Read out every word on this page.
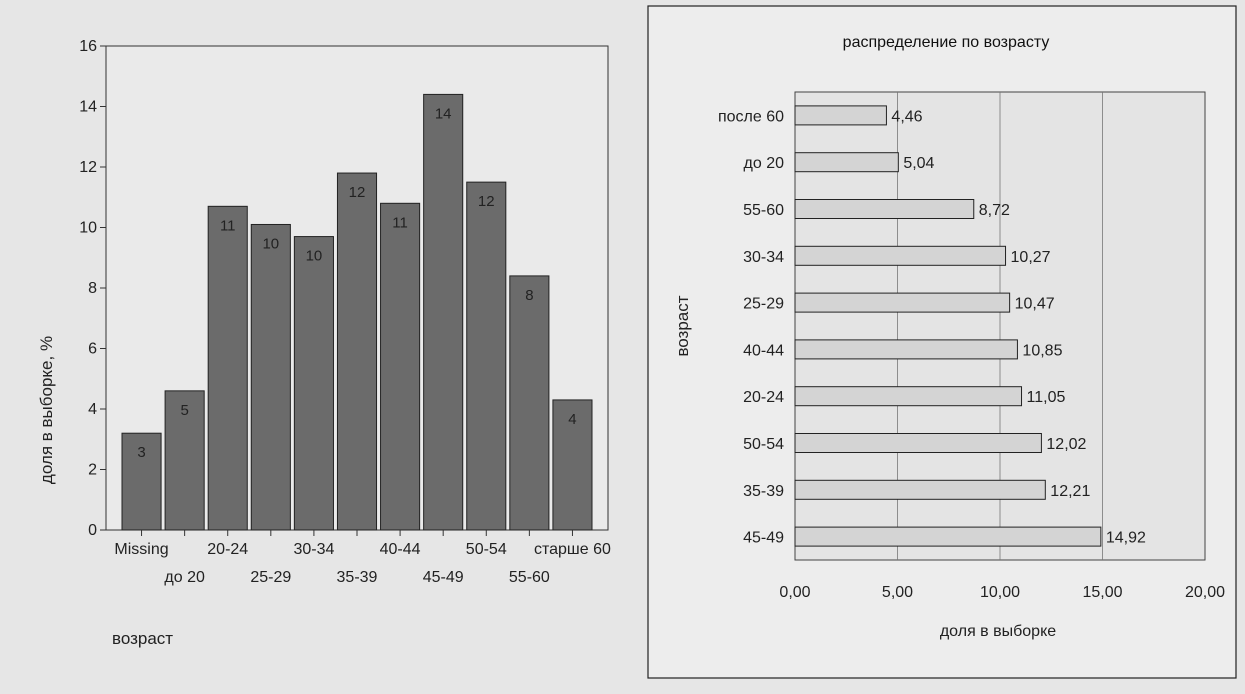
0
2
4
6
8
10
12
14
16
3
5
11
10
10
12
11
14
12
8
4
Missing
до 20
20-24
25-29
30-34
35-39
40-44
45-49
50-54
55-60
старше 60
доля в выборке, %
возраст
распределение по возрасту
4,46
5,04
8,72
10,27
10,47
10,85
11,05
12,02
12,21
14,92
после 60
до 20
55-60
30-34
25-29
40-44
20-24
50-54
35-39
45-49
0,00	5,00	10,00	15,00	20,00
возраст
доля в выборке
